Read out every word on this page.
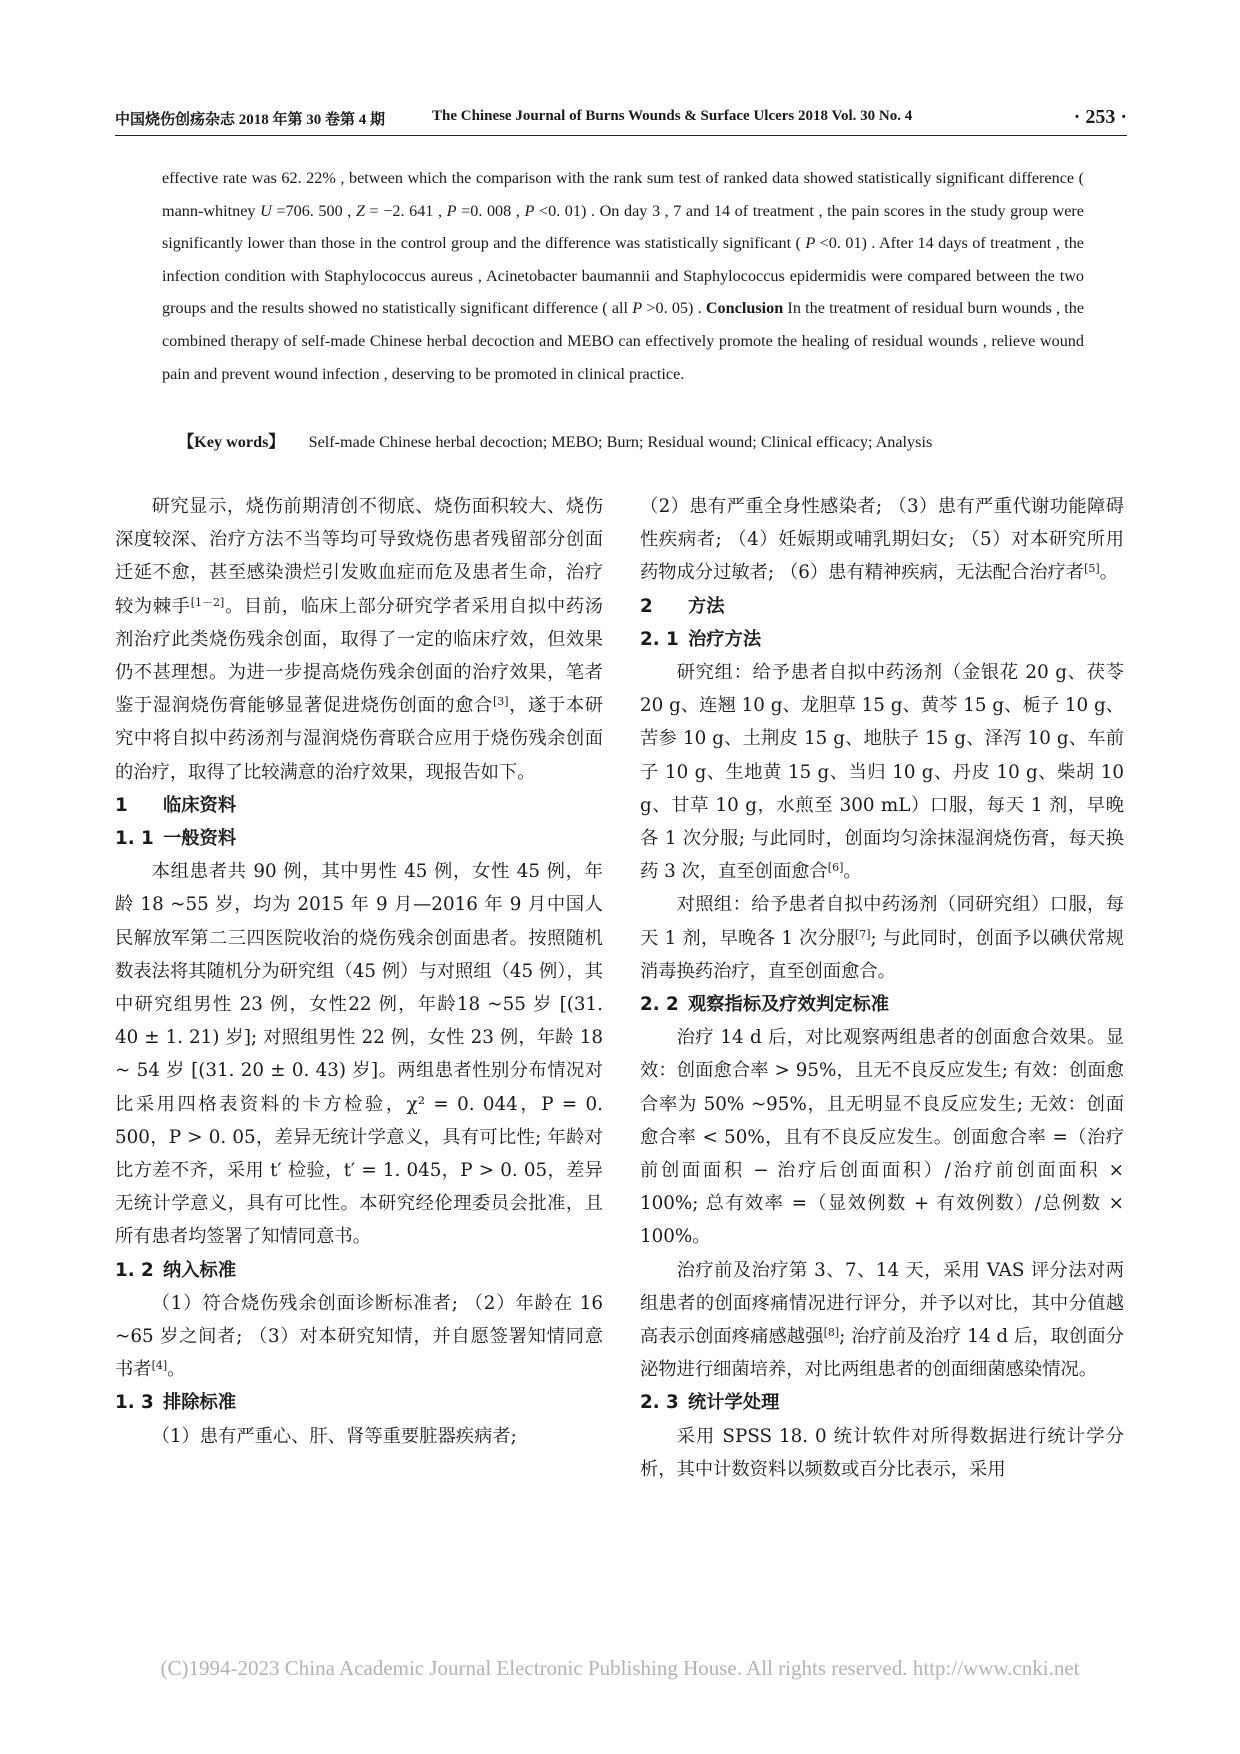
中国烧伤创疡杂志 2018 年第 30 卷第 4 期	The Chinese Journal of Burns Wounds & Surface Ulcers 2018 Vol. 30 No. 4	· 253 ·

effective rate was 62. 22% , between which the comparison with the rank sum test of ranked data showed statistically significant difference ( mann-whitney U =706. 500 , Z = −2. 641 , P =0. 008 , P <0. 01) . On day 3 , 7 and 14 of treatment , the pain scores in the study group were significantly lower than those in the control group and the difference was statistically significant ( P <0. 01) . After 14 days of treatment , the infection condition with Staphylococcus aureus , Acinetobacter baumannii and Staphylococcus epidermidis were compared between the two groups and the results showed no statistically significant difference ( all P >0. 05) . Conclusion In the treatment of residual burn wounds , the combined therapy of self-made Chinese herbal decoction and MEBO can effectively promote the healing of residual wounds , relieve wound pain and prevent wound infection , deserving to be promoted in clinical practice.

【Key words】 Self-made Chinese herbal decoction; MEBO; Burn; Residual wound; Clinical efficacy; Analysis

研究显示，烧伤前期清创不彻底、烧伤面积较大、烧伤深度较深、治疗方法不当等均可导致烧伤患者残留部分创面迁延不愈，甚至感染溃烂引发败血症而危及患者生命，治疗较为棘手[1－2]。目前，临床上部分研究学者采用自拟中药汤剂治疗此类烧伤残余创面，取得了一定的临床疗效，但效果仍不甚理想。为进一步提高烧伤残余创面的治疗效果，笔者鉴于湿润烧伤膏能够显著促进烧伤创面的愈合[3]，遂于本研究中将自拟中药汤剂与湿润烧伤膏联合应用于烧伤残余创面的治疗，取得了比较满意的治疗效果，现报告如下。

1 临床资料
1. 1 一般资料

本组患者共 90 例，其中男性 45 例，女性 45 例，年龄 18 ~55 岁，均为 2015 年 9 月—2016 年 9 月中国人民解放军第二三四医院收治的烧伤残余创面患者。按照随机数表法将其随机分为研究组（45 例）与对照组（45 例），其中研究组男性 23 例，女性22 例，年龄18 ~55 岁 [(31. 40 ± 1. 21) 岁]; 对照组男性 22 例，女性 23 例，年龄 18 ~ 54 岁 [(31. 20 ± 0. 43) 岁]。两组患者性别分布情况对比采用四格表资料的卡方检验，χ² = 0. 044，P = 0. 500，P > 0. 05，差异无统计学意义，具有可比性; 年龄对比方差不齐，采用 t′ 检验，t′ = 1. 045，P > 0. 05，差异无统计学意义，具有可比性。本研究经伦理委员会批准，且所有患者均签署了知情同意书。

1. 2 纳入标准

（1）符合烧伤残余创面诊断标准者; （2）年龄在 16 ~65 岁之间者; （3）对本研究知情，并自愿签署知情同意书者[4]。

1. 3 排除标准

（1）患有严重心、肝、肾等重要脏器疾病者;

（2）患有严重全身性感染者; （3）患有严重代谢功能障碍性疾病者; （4）妊娠期或哺乳期妇女; （5）对本研究所用药物成分过敏者; （6）患有精神疾病，无法配合治疗者[5]。

2 方法
2. 1 治疗方法

研究组：给予患者自拟中药汤剂（金银花 20 g、茯苓 20 g、连翘 10 g、龙胆草 15 g、黄芩 15 g、栀子 10 g、苦参 10 g、土荆皮 15 g、地肤子 15 g、泽泻 10 g、车前子 10 g、生地黄 15 g、当归 10 g、丹皮 10 g、柴胡 10 g、甘草 10 g，水煎至 300 mL）口服，每天 1 剂，早晚各 1 次分服; 与此同时，创面均匀涂抹湿润烧伤膏，每天换药 3 次，直至创面愈合[6]。

对照组：给予患者自拟中药汤剂（同研究组）口服，每天 1 剂，早晚各 1 次分服[7]; 与此同时，创面予以碘伏常规消毒换药治疗，直至创面愈合。

2. 2 观察指标及疗效判定标准

治疗 14 d 后，对比观察两组患者的创面愈合效果。显效：创面愈合率 > 95%，且无不良反应发生; 有效：创面愈合率为 50% ~95%，且无明显不良反应发生; 无效：创面愈合率 < 50%，且有不良反应发生。创面愈合率 =（治疗前创面面积 − 治疗后创面面积）/治疗前创面面积 × 100%; 总有效率 =（显效例数 + 有效例数）/总例数 × 100%。

治疗前及治疗第 3、7、14 天，采用 VAS 评分法对两组患者的创面疼痛情况进行评分，并予以对比，其中分值越高表示创面疼痛感越强[8]; 治疗前及治疗 14 d 后，取创面分泌物进行细菌培养，对比两组患者的创面细菌感染情况。

2. 3 统计学处理

采用 SPSS 18. 0 统计软件对所得数据进行统计学分析，其中计数资料以频数或百分比表示，采用

(C)1994-2023 China Academic Journal Electronic Publishing House. All rights reserved. http://www.cnki.net
